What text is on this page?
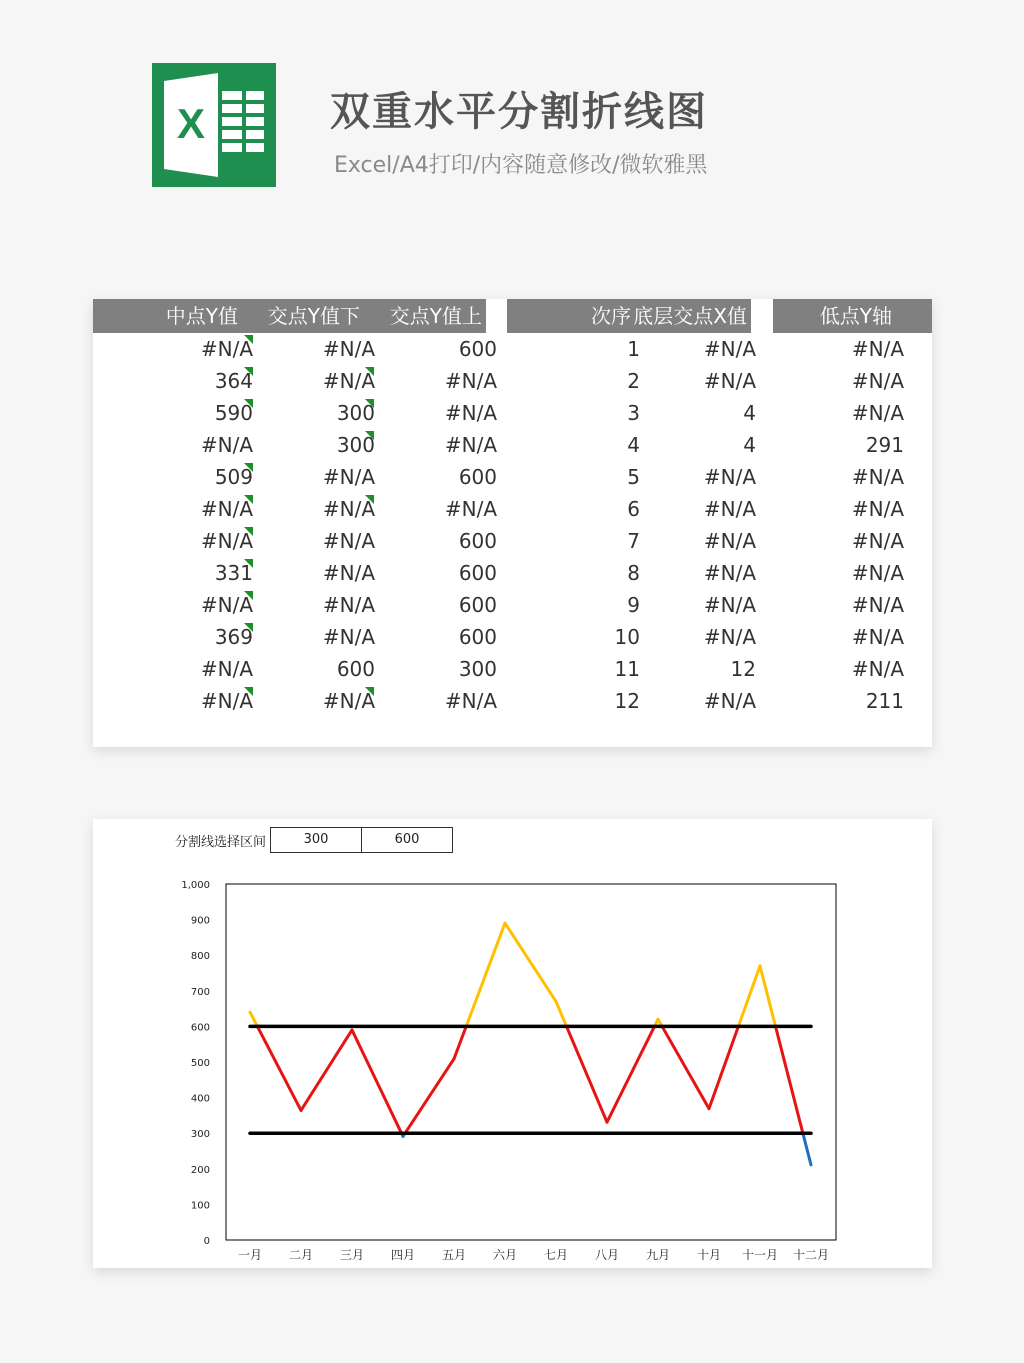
X	双重水平分割折线图
Excel/A4打印/内容随意修改/微软雅黑
中点Y值 交点Y值下 交点Y值上	次序 底层交点X值	低点Y轴
#N/A	#N/A	600	1	#N/A	#N/A
364	#N/A	#N/A	2	#N/A	#N/A
590	300	#N/A	3	4	#N/A
#N/A	300	#N/A	4	4	291
509	#N/A	600	5	#N/A	#N/A
#N/A	#N/A	#N/A	6	#N/A	#N/A
#N/A	#N/A	600	7	#N/A	#N/A
331	#N/A	600	8	#N/A	#N/A
#N/A	#N/A	600	9	#N/A	#N/A
369	#N/A	600	10	#N/A	#N/A
#N/A	600	300	11	12	#N/A
#N/A	#N/A	#N/A	12	#N/A	211
分割线选择区间	300	600
0
100
200
300
400
500
600
700
800
900
1,000
一月 二月 三月 四月 五月 六月 七月 八月 九月 十月 十一月 十二月
